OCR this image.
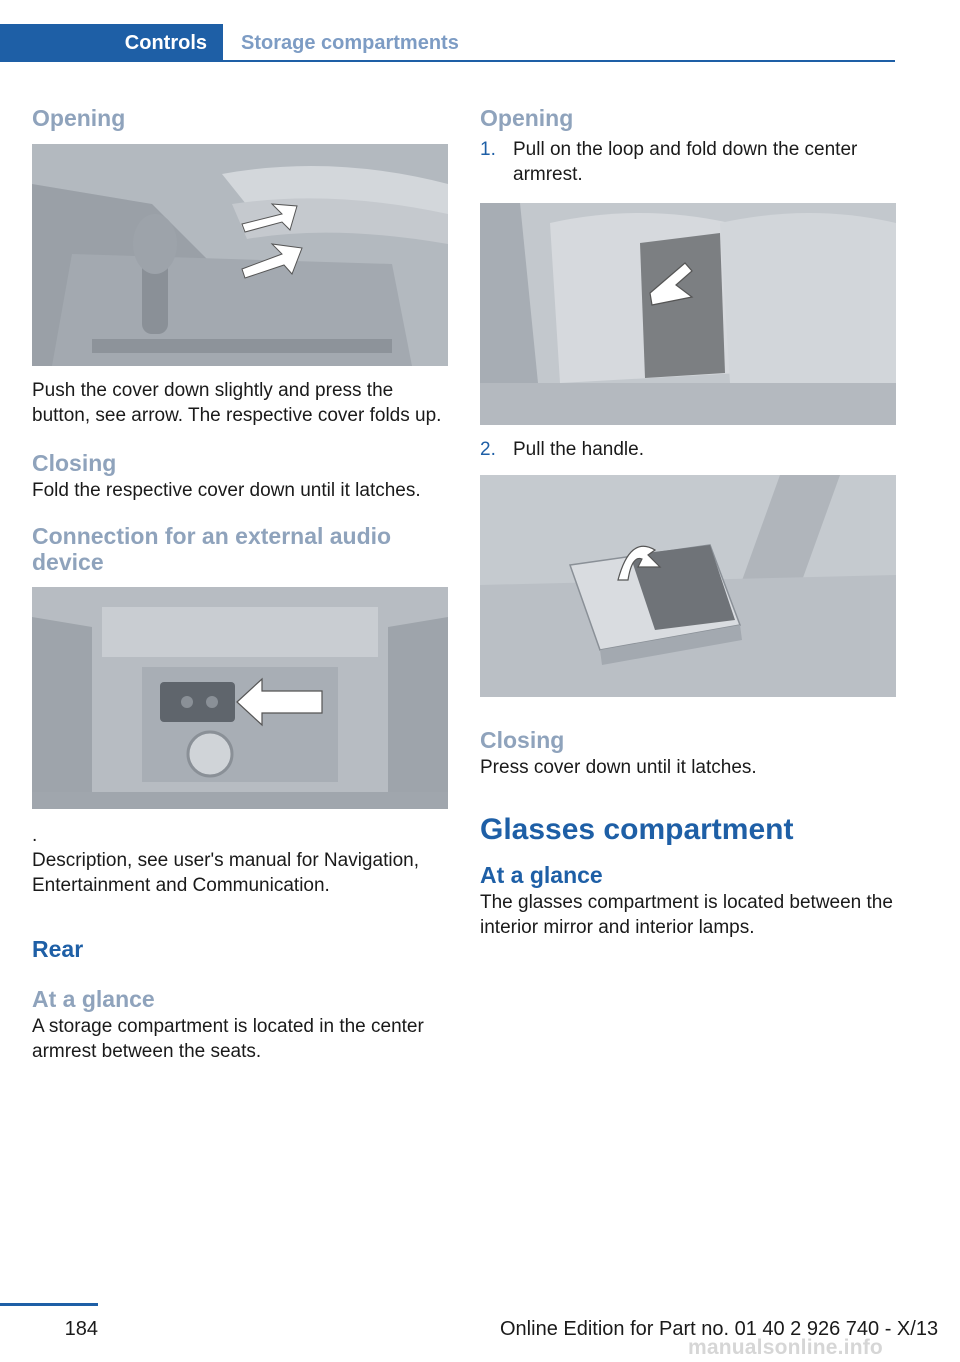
Controls	Storage compartments
Opening
Push the cover down slightly and press the button, see arrow. The respective cover folds up.
Closing
Fold the respective cover down until it latches.
Connection for an external audio device
.
Description, see user's manual for Navigation, Entertainment and Communication.
Rear
At a glance
A storage compartment is located in the center armrest between the seats.
Opening
1. Pull on the loop and fold down the center armrest.
2. Pull the handle.
Closing
Press cover down until it latches.
Glasses compartment
At a glance
The glasses compartment is located between the interior mirror and interior lamps.
184	Online Edition for Part no. 01 40 2 926 740 - X/13
manualsonline.info
